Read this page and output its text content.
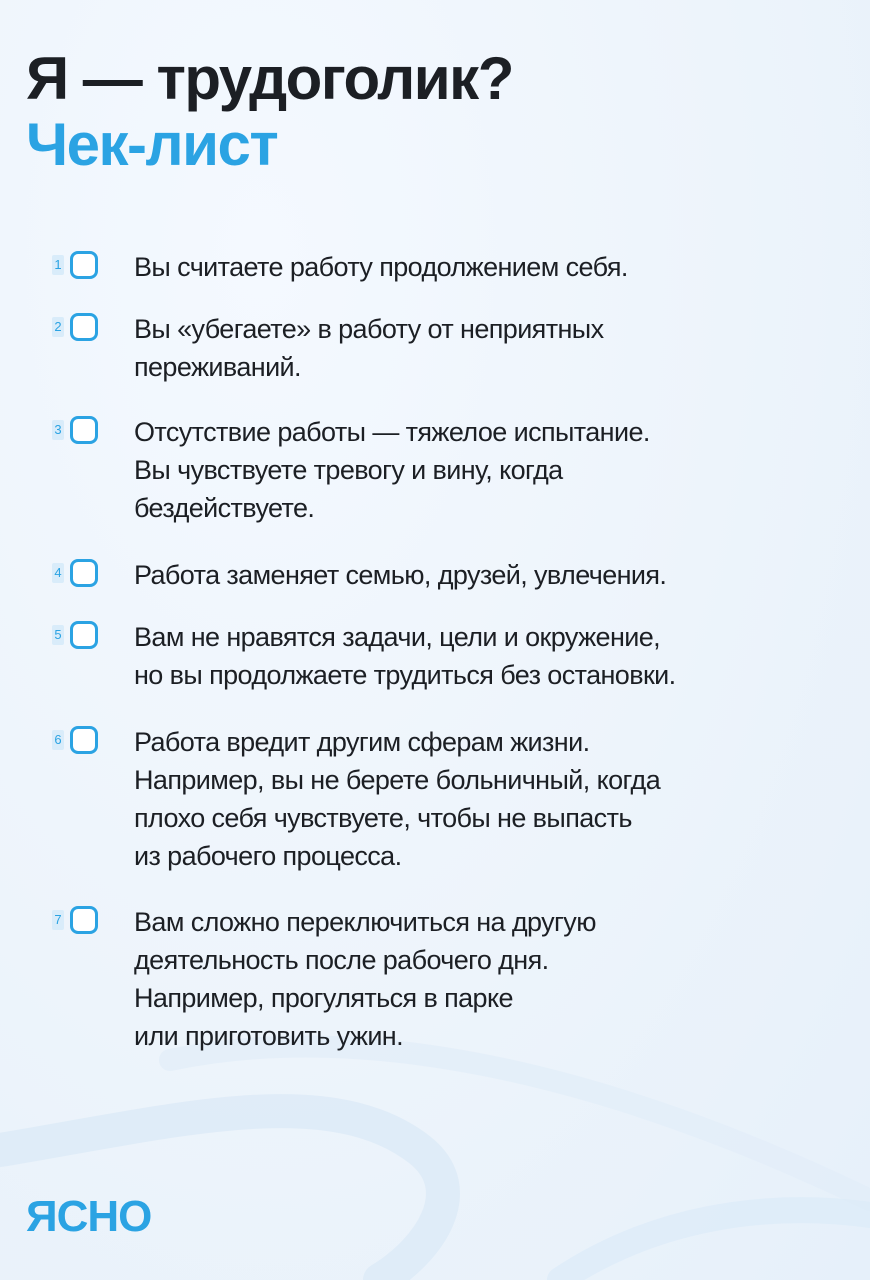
Я — трудоголик?
Чек-лист
1	Вы считаете работу продолжением себя.
2	Вы «убегаете» в работу от неприятных
переживаний.
3	Отсутствие работы — тяжелое испытание.
Вы чувствуете тревогу и вину, когда
бездействуете.
4	Работа заменяет семью, друзей, увлечения.
5	Вам не нравятся задачи, цели и окружение,
но вы продолжаете трудиться без остановки.
6	Работа вредит другим сферам жизни.
Например, вы не берете больничный, когда
плохо себя чувствуете, чтобы не выпасть
из рабочего процесса.
7	Вам сложно переключиться на другую
деятельность после рабочего дня.
Например, прогуляться в парке
или приготовить ужин.
ЯСНО
